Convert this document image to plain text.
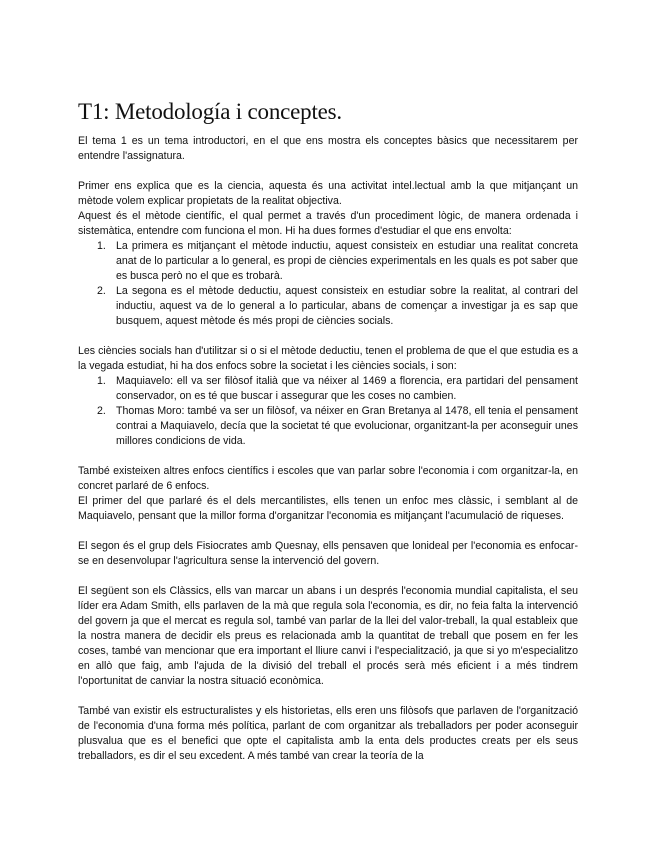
T1: Metodología i conceptes.

El tema 1 es un tema introductori, en el que ens mostra els conceptes bàsics que necessitarem per entendre l'assignatura.

Primer ens explica que es la ciencia, aquesta és una activitat intel.lectual amb la que mitjançant un mètode volem explicar propietats de la realitat objectiva.

Aquest és el mètode científic, el qual permet a través d'un procediment lògic, de manera ordenada i sistemàtica, entendre com funciona el mon. Hi ha dues formes d'estudiar el que ens envolta:

1. La primera es mitjançant el mètode inductiu, aquest consisteix en estudiar una realitat concreta anat de lo particular a lo general, es propi de ciències experimentals en les quals es pot saber que es busca però no el que es trobarà.
2. La segona es el mètode deductiu, aquest consisteix en estudiar sobre la realitat, al contrari del inductiu, aquest va de lo general a lo particular, abans de començar a investigar ja es sap que busquem, aquest mètode és més propi de ciències socials.

Les ciències socials han d'utilitzar si o si el mètode deductiu, tenen el problema de que el que estudia es a la vegada estudiat, hi ha dos enfocs sobre la societat i les ciències socials, i son:

1. Maquiavelo: ell va ser filòsof italià que va néixer al 1469 a florencia, era partidari del pensament conservador, on es té que buscar i assegurar que les coses no cambien.
2. Thomas Moro: també va ser un filòsof, va néixer en Gran Bretanya al 1478, ell tenia el pensament contrai a Maquiavelo, decía que la societat té que evolucionar, organitzant-la per aconseguir unes millores condicions de vida.

També existeixen altres enfocs científics i escoles que van parlar sobre l'economia i com organitzar-la, en concret parlaré de 6 enfocs.

El primer del que parlaré és el dels mercantilistes, ells tenen un enfoc mes clàssic, i semblant al de Maquiavelo, pensant que la millor forma d'organitzar l'economia es mitjançant l'acumulació de riqueses.

El segon és el grup dels Fisiocrates amb Quesnay, ells pensaven que lonideal per l'economia es enfocar-se en desenvolupar l'agricultura sense la intervenció del govern.

El següent son els Clàssics, ells van marcar un abans i un després l'economia mundial capitalista, el seu líder era Adam Smith, ells parlaven de la mà que regula sola l'economia, es dir, no feia falta la intervenció del govern ja que el mercat es regula sol, també van parlar de la llei del valor-treball, la qual estableix que la nostra manera de decidir els preus es relacionada amb la quantitat de treball que posem en fer les coses, també van mencionar que era important el lliure canvi i l'especialització, ja que si yo m'especialitzo en allò que faig, amb l'ajuda de la divisió del treball el procés serà més eficient i a més tindrem l'oportunitat de canviar la nostra situació econòmica.

També van existir els estructuralistes y els historietas, ells eren uns filòsofs que parlaven de l'organització de l'economia d'una forma més política, parlant de com organitzar als treballadors per poder aconseguir plusvalua que es el benefici que opte el capitalista amb la enta dels productes creats per els seus treballadors, es dir el seu excedent. A més també van crear la teoría de la
